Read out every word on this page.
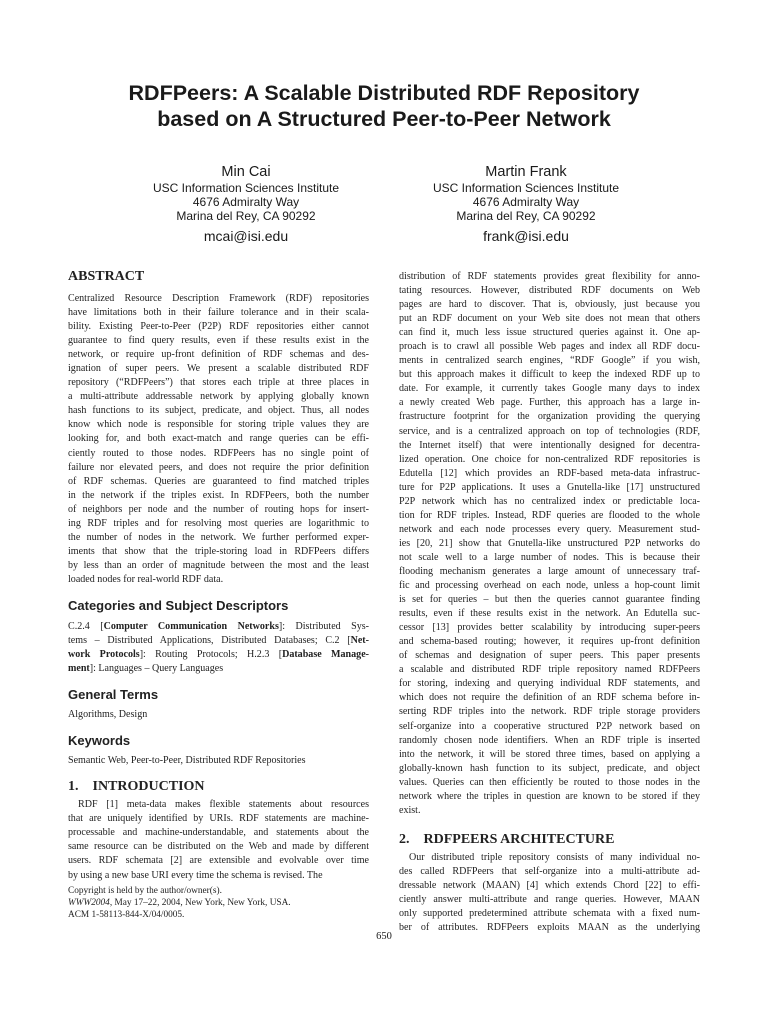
RDFPeers: A Scalable Distributed RDF Repository
based on A Structured Peer-to-Peer Network
Min Cai
USC Information Sciences Institute
4676 Admiralty Way
Marina del Rey, CA 90292
mcai@isi.edu
Martin Frank
USC Information Sciences Institute
4676 Admiralty Way
Marina del Rey, CA 90292
frank@isi.edu
ABSTRACT
Centralized Resource Description Framework (RDF) repositories
have limitations both in their failure tolerance and in their scala-
bility. Existing Peer-to-Peer (P2P) RDF repositories either cannot
guarantee to find query results, even if these results exist in the
network, or require up-front definition of RDF schemas and des-
ignation of super peers. We present a scalable distributed RDF
repository (“RDFPeers”) that stores each triple at three places in
a multi-attribute addressable network by applying globally known
hash functions to its subject, predicate, and object. Thus, all nodes
know which node is responsible for storing triple values they are
looking for, and both exact-match and range queries can be effi-
ciently routed to those nodes. RDFPeers has no single point of
failure nor elevated peers, and does not require the prior definition
of RDF schemas. Queries are guaranteed to find matched triples
in the network if the triples exist. In RDFPeers, both the number
of neighbors per node and the number of routing hops for insert-
ing RDF triples and for resolving most queries are logarithmic to
the number of nodes in the network. We further performed exper-
iments that show that the triple-storing load in RDFPeers differs
by less than an order of magnitude between the most and the least
loaded nodes for real-world RDF data.
Categories and Subject Descriptors
C.2.4 [Computer Communication Networks]: Distributed Sys-
tems – Distributed Applications, Distributed Databases; C.2 [Net-
work Protocols]: Routing Protocols; H.2.3 [Database Manage-
ment]: Languages – Query Languages
General Terms
Algorithms, Design
Keywords
Semantic Web, Peer-to-Peer, Distributed RDF Repositories
1.    INTRODUCTION
RDF [1] meta-data makes flexible statements about resources
that are uniquely identified by URIs. RDF statements are machine-
processable and machine-understandable, and statements about the
same resource can be distributed on the Web and made by different
users. RDF schemata [2] are extensible and evolvable over time
by using a new base URI every time the schema is revised. The
Copyright is held by the author/owner(s).
WWW2004, May 17–22, 2004, New York, New York, USA.
ACM 1-58113-844-X/04/0005.
distribution of RDF statements provides great flexibility for anno-
tating resources. However, distributed RDF documents on Web
pages are hard to discover. That is, obviously, just because you
put an RDF document on your Web site does not mean that others
can find it, much less issue structured queries against it. One ap-
proach is to crawl all possible Web pages and index all RDF docu-
ments in centralized search engines, “RDF Google” if you wish,
but this approach makes it difficult to keep the indexed RDF up to
date. For example, it currently takes Google many days to index
a newly created Web page. Further, this approach has a large in-
frastructure footprint for the organization providing the querying
service, and is a centralized approach on top of technologies (RDF,
the Internet itself) that were intentionally designed for decentra-
lized operation. One choice for non-centralized RDF repositories is
Edutella [12] which provides an RDF-based meta-data infrastruc-
ture for P2P applications. It uses a Gnutella-like [17] unstructured
P2P network which has no centralized index or predictable loca-
tion for RDF triples. Instead, RDF queries are flooded to the whole
network and each node processes every query. Measurement stud-
ies [20, 21] show that Gnutella-like unstructured P2P networks do
not scale well to a large number of nodes. This is because their
flooding mechanism generates a large amount of unnecessary traf-
fic and processing overhead on each node, unless a hop-count limit
is set for queries – but then the queries cannot guarantee finding
results, even if these results exist in the network. An Edutella suc-
cessor [13] provides better scalability by introducing super-peers
and schema-based routing; however, it requires up-front definition
of schemas and designation of super peers. This paper presents
a scalable and distributed RDF triple repository named RDFPeers
for storing, indexing and querying individual RDF statements, and
which does not require the definition of an RDF schema before in-
serting RDF triples into the network. RDF triple storage providers
self-organize into a cooperative structured P2P network based on
randomly chosen node identifiers. When an RDF triple is inserted
into the network, it will be stored three times, based on applying a
globally-known hash function to its subject, predicate, and object
values. Queries can then efficiently be routed to those nodes in the
network where the triples in question are known to be stored if they
exist.
2.    RDFPEERS ARCHITECTURE
Our distributed triple repository consists of many individual no-
des called RDFPeers that self-organize into a multi-attribute ad-
dressable network (MAAN) [4] which extends Chord [22] to effi-
ciently answer multi-attribute and range queries. However, MAAN
only supported predetermined attribute schemata with a fixed num-
ber of attributes. RDFPeers exploits MAAN as the underlying
650
